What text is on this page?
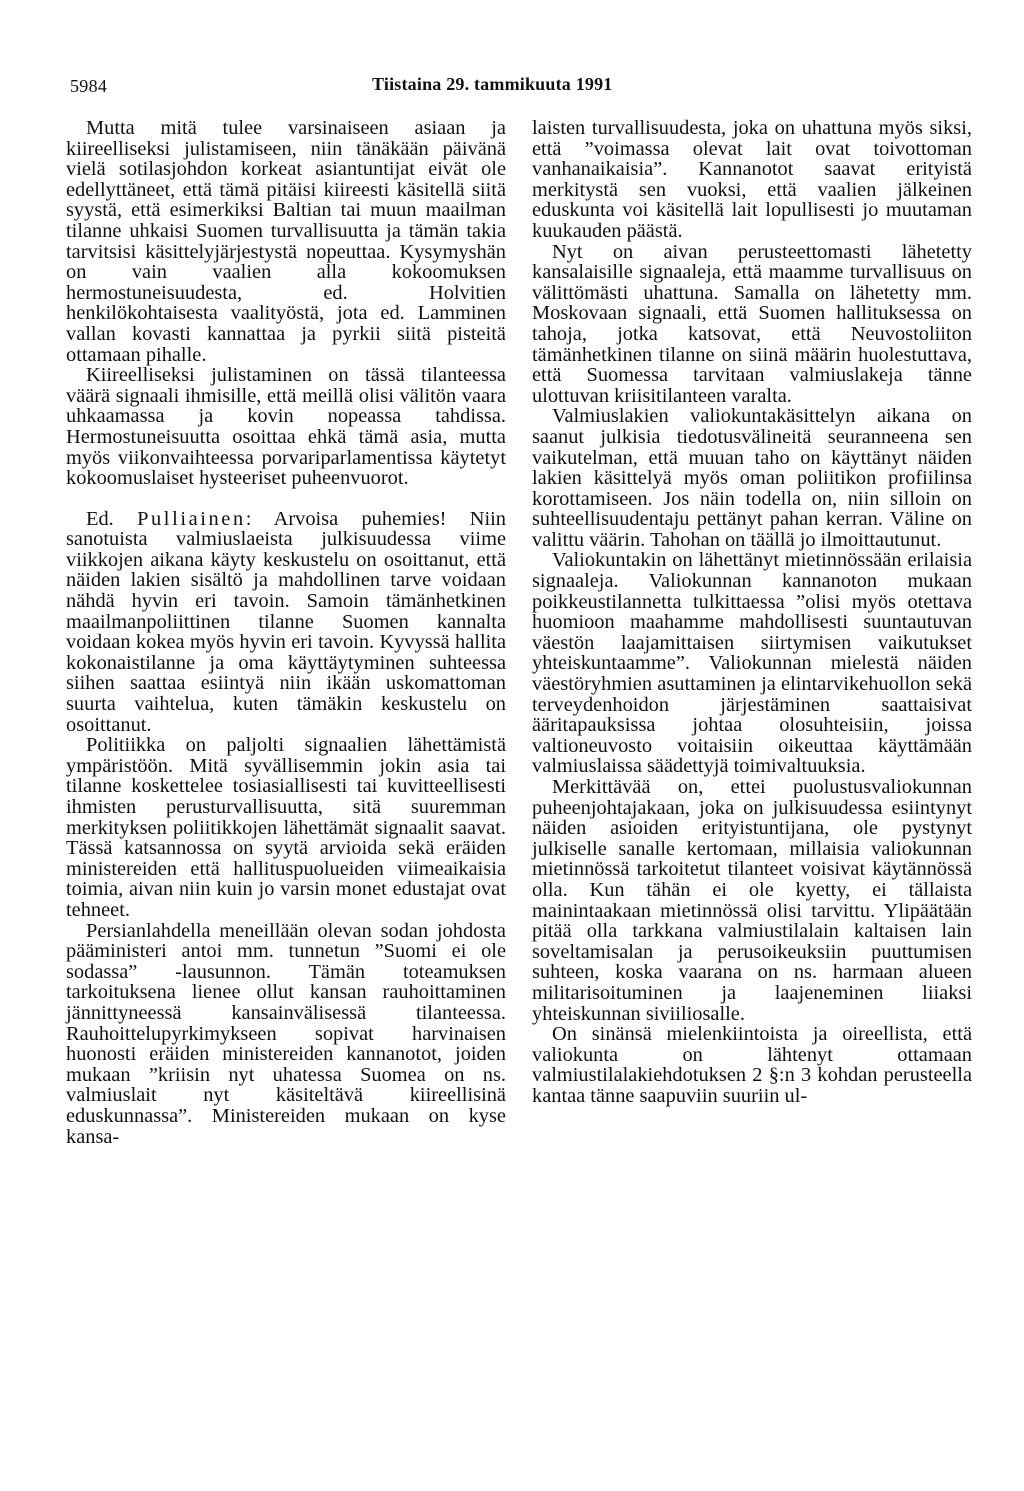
5984	Tiistaina 29. tammikuuta 1991

Mutta mitä tulee varsinaiseen asiaan ja kiireelliseksi julistamiseen, niin tänäkään päivänä vielä sotilasjohdon korkeat asiantuntijat eivät ole edellyttäneet, että tämä pitäisi kiireesti käsitellä siitä syystä, että esimerkiksi Baltian tai muun maailman tilanne uhkaisi Suomen turvallisuutta ja tämän takia tarvitsisi käsittelyjärjestystä nopeuttaa. Kysymyshän on vain vaalien alla kokoomuksen hermostuneisuudesta, ed. Holvitien henkilökohtaisesta vaalityöstä, jota ed. Lamminen vallan kovasti kannattaa ja pyrkii siitä pisteitä ottamaan pihalle.

Kiireelliseksi julistaminen on tässä tilanteessa väärä signaali ihmisille, että meillä olisi välitön vaara uhkaamassa ja kovin nopeassa tahdissa. Hermostuneisuutta osoittaa ehkä tämä asia, mutta myös viikonvaihteessa porvariparlamentissa käytetyt kokoomuslaiset hysteeriset puheenvuorot.

Ed. Pulliainen: Arvoisa puhemies! Niin sanotuista valmiuslaeista julkisuudessa viime viikkojen aikana käyty keskustelu on osoittanut, että näiden lakien sisältö ja mahdollinen tarve voidaan nähdä hyvin eri tavoin. Samoin tämänhetkinen maailmanpoliittinen tilanne Suomen kannalta voidaan kokea myös hyvin eri tavoin. Kyvyssä hallita kokonaistilanne ja oma käyttäytyminen suhteessa siihen saattaa esiintyä niin ikään uskomattoman suurta vaihtelua, kuten tämäkin keskustelu on osoittanut.

Politiikka on paljolti signaalien lähettämistä ympäristöön. Mitä syvällisemmin jokin asia tai tilanne koskettelee tosiasiallisesti tai kuvitteellisesti ihmisten perusturvallisuutta, sitä suuremman merkityksen poliitikkojen lähettämät signaalit saavat. Tässä katsannossa on syytä arvioida sekä eräiden ministereiden että hallituspuolueiden viimeaikaisia toimia, aivan niin kuin jo varsin monet edustajat ovat tehneet.

Persianlahdella meneillään olevan sodan johdosta pääministeri antoi mm. tunnetun ”Suomi ei ole sodassa” -lausunnon. Tämän toteamuksen tarkoituksena lienee ollut kansan rauhoittaminen jännittyneessä kansainvälisessä tilanteessa. Rauhoittelupyrkimykseen sopivat harvinaisen huonosti eräiden ministereiden kannanotot, joiden mukaan ”kriisin nyt uhatessa Suomea on ns. valmiuslait nyt käsiteltävä kiireellisinä eduskunnassa”. Ministereiden mukaan on kyse kansa-

laisten turvallisuudesta, joka on uhattuna myös siksi, että ”voimassa olevat lait ovat toivottoman vanhanaikaisia”. Kannanotot saavat erityistä merkitystä sen vuoksi, että vaalien jälkeinen eduskunta voi käsitellä lait lopullisesti jo muutaman kuukauden päästä.

Nyt on aivan perusteettomasti lähetetty kansalaisille signaaleja, että maamme turvallisuus on välittömästi uhattuna. Samalla on lähetetty mm. Moskovaan signaali, että Suomen hallituksessa on tahoja, jotka katsovat, että Neuvostoliiton tämänhetkinen tilanne on siinä määrin huolestuttava, että Suomessa tarvitaan valmiuslakeja tänne ulottuvan kriisitilanteen varalta.

Valmiuslakien valiokuntakäsittelyn aikana on saanut julkisia tiedotusvälineitä seuranneena sen vaikutelman, että muuan taho on käyttänyt näiden lakien käsittelyä myös oman poliitikon profiilinsa korottamiseen. Jos näin todella on, niin silloin on suhteellisuudentaju pettänyt pahan kerran. Väline on valittu väärin. Tahohan on täällä jo ilmoittautunut.

Valiokuntakin on lähettänyt mietinnössään erilaisia signaaleja. Valiokunnan kannanoton mukaan poikkeustilannetta tulkittaessa ”olisi myös otettava huomioon maahamme mahdollisesti suuntautuvan väestön laajamittaisen siirtymisen vaikutukset yhteiskuntaamme”. Valiokunnan mielestä näiden väestöryhmien asuttaminen ja elintarvikehuollon sekä terveydenhoidon järjestäminen saattaisivat ääritapauksissa johtaa olosuhteisiin, joissa valtioneuvosto voitaisiin oikeuttaa käyttämään valmiuslaissa säädettyjä toimivaltuuksia.

Merkittävää on, ettei puolustusvaliokunnan puheenjohtajakaan, joka on julkisuudessa esiintynyt näiden asioiden erityistuntijana, ole pystynyt julkiselle sanalle kertomaan, millaisia valiokunnan mietinnössä tarkoitetut tilanteet voisivat käytännössä olla. Kun tähän ei ole kyetty, ei tällaista mainintaakaan mietinnössä olisi tarvittu. Ylipäätään pitää olla tarkkana valmiustilalain kaltaisen lain soveltamisalan ja perusoikeuksiin puuttumisen suhteen, koska vaarana on ns. harmaan alueen militarisoituminen ja laajeneminen liiaksi yhteiskunnan siviiliosalle.

On sinänsä mielenkiintoista ja oireellista, että valiokunta on lähtenyt ottamaan valmiustilalakiehdotuksen 2 §:n 3 kohdan perusteella kantaa tänne saapuviin suuriin ul-
